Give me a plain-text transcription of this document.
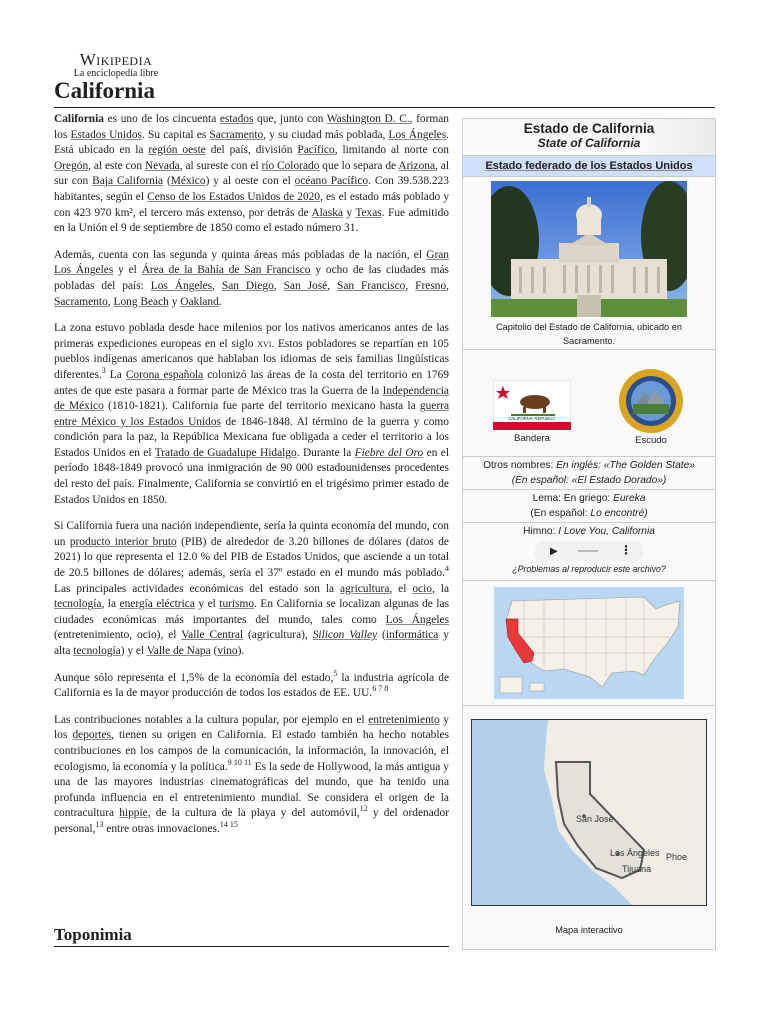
Wikipedia
La enciclopedia libre
California

California es uno de los cincuenta estados que, junto con Washington D. C., forman los Estados Unidos. Su capital es Sacramento, y su ciudad más poblada, Los Ángeles. Está ubicado en la región oeste del país, división Pacífico, limitando al norte con Oregón, al este con Nevada, al sureste con el río Colorado que lo separa de Arizona, al sur con Baja California (México) y al oeste con el océano Pacífico. Con 39.538.223 habitantes, según el Censo de los Estados Unidos de 2020, es el estado más poblado y con 423 970 km², el tercero más extenso, por detrás de Alaska y Texas. Fue admitido en la Unión el 9 de septiembre de 1850 como el estado número 31.

Además, cuenta con las segunda y quinta áreas más pobladas de la nación, el Gran Los Ángeles y el Área de la Bahía de San Francisco y ocho de las ciudades más pobladas del país: Los Ángeles, San Diego, San José, San Francisco, Fresno, Sacramento, Long Beach y Oakland.

La zona estuvo poblada desde hace milenios por los nativos americanos antes de las primeras expediciones europeas en el siglo xvi. Estos pobladores se repartían en 105 pueblos indígenas americanos que hablaban los idiomas de seis familias lingüísticas diferentes.$^3$ La Corona española colonizó las áreas de la costa del territorio en 1769 antes de que este pasara a formar parte de México tras la Guerra de la Independencia de México (1810-1821). California fue parte del territorio mexicano hasta la guerra entre México y los Estados Unidos de 1846-1848. Al término de la guerra y como condición para la paz, la República Mexicana fue obligada a ceder el territorio a los Estados Unidos en el Tratado de Guadalupe Hidalgo. Durante la Fiebre del Oro en el período 1848-1849 provocó una inmigración de 90 000 estadounidenses procedentes del resto del país. Finalmente, California se convirtió en el trigésimo primer estado de Estados Unidos en 1850.

Si California fuera una nación independiente, sería la quinta economía del mundo, con un producto interior bruto (PIB) de alrededor de 3.20 billones de dólares (datos de 2021) lo que representa el 12.0 % del PIB de Estados Unidos, que asciende a un total de 20.5 billones de dólares; además, sería el 37º estado en el mundo más poblado.$^4$ Las principales actividades económicas del estado son la agricultura, el ocio, la tecnología, la energía eléctrica y el turismo. En California se localizan algunas de las ciudades económicas más importantes del mundo, tales como Los Ángeles (entretenimiento, ocio), el Valle Central (agricultura), Silicon Valley (informática y alta tecnología) y el Valle de Napa (vino).

Aunque sólo representa el 1,5% de la economía del estado,$^5$ la industria agrícola de California es la de mayor producción de todos los estados de EE. UU.$^{6 7 8}$

Las contribuciones notables a la cultura popular, por ejemplo en el entretenimiento y los deportes, tienen su origen en California. El estado también ha hecho notables contribuciones en los campos de la comunicación, la información, la innovación, el ecologismo, la economía y la política.$^{9 10 11}$ Es la sede de Hollywood, la más antigua y una de las mayores industrias cinematográficas del mundo, que ha tenido una profunda influencia en el entretenimiento mundial. Se considera el origen de la contracultura hippie, de la cultura de la playa y del automóvil,$^{12}$ y del ordenador personal,$^{13}$ entre otras innovaciones.$^{14 15}$

Toponimia
Estado de California
State of California
Estado federado de los Estados Unidos
Capitolio del Estado de California, ubicado en Sacramento.
CALIFORNIA REPUBLIC
Bandera	Escudo
Otros nombres: En inglés: «The Golden State»
(En español: «El Estado Dorado»)
Lema: En griego: Eureka
(En español: Lo encontré)
Himno: I Love You, California
▶	⋮
¿Problemas al reproducir este archivo?
San José
Los Ángeles Phoe
Tijuana
Mapa interactivo
